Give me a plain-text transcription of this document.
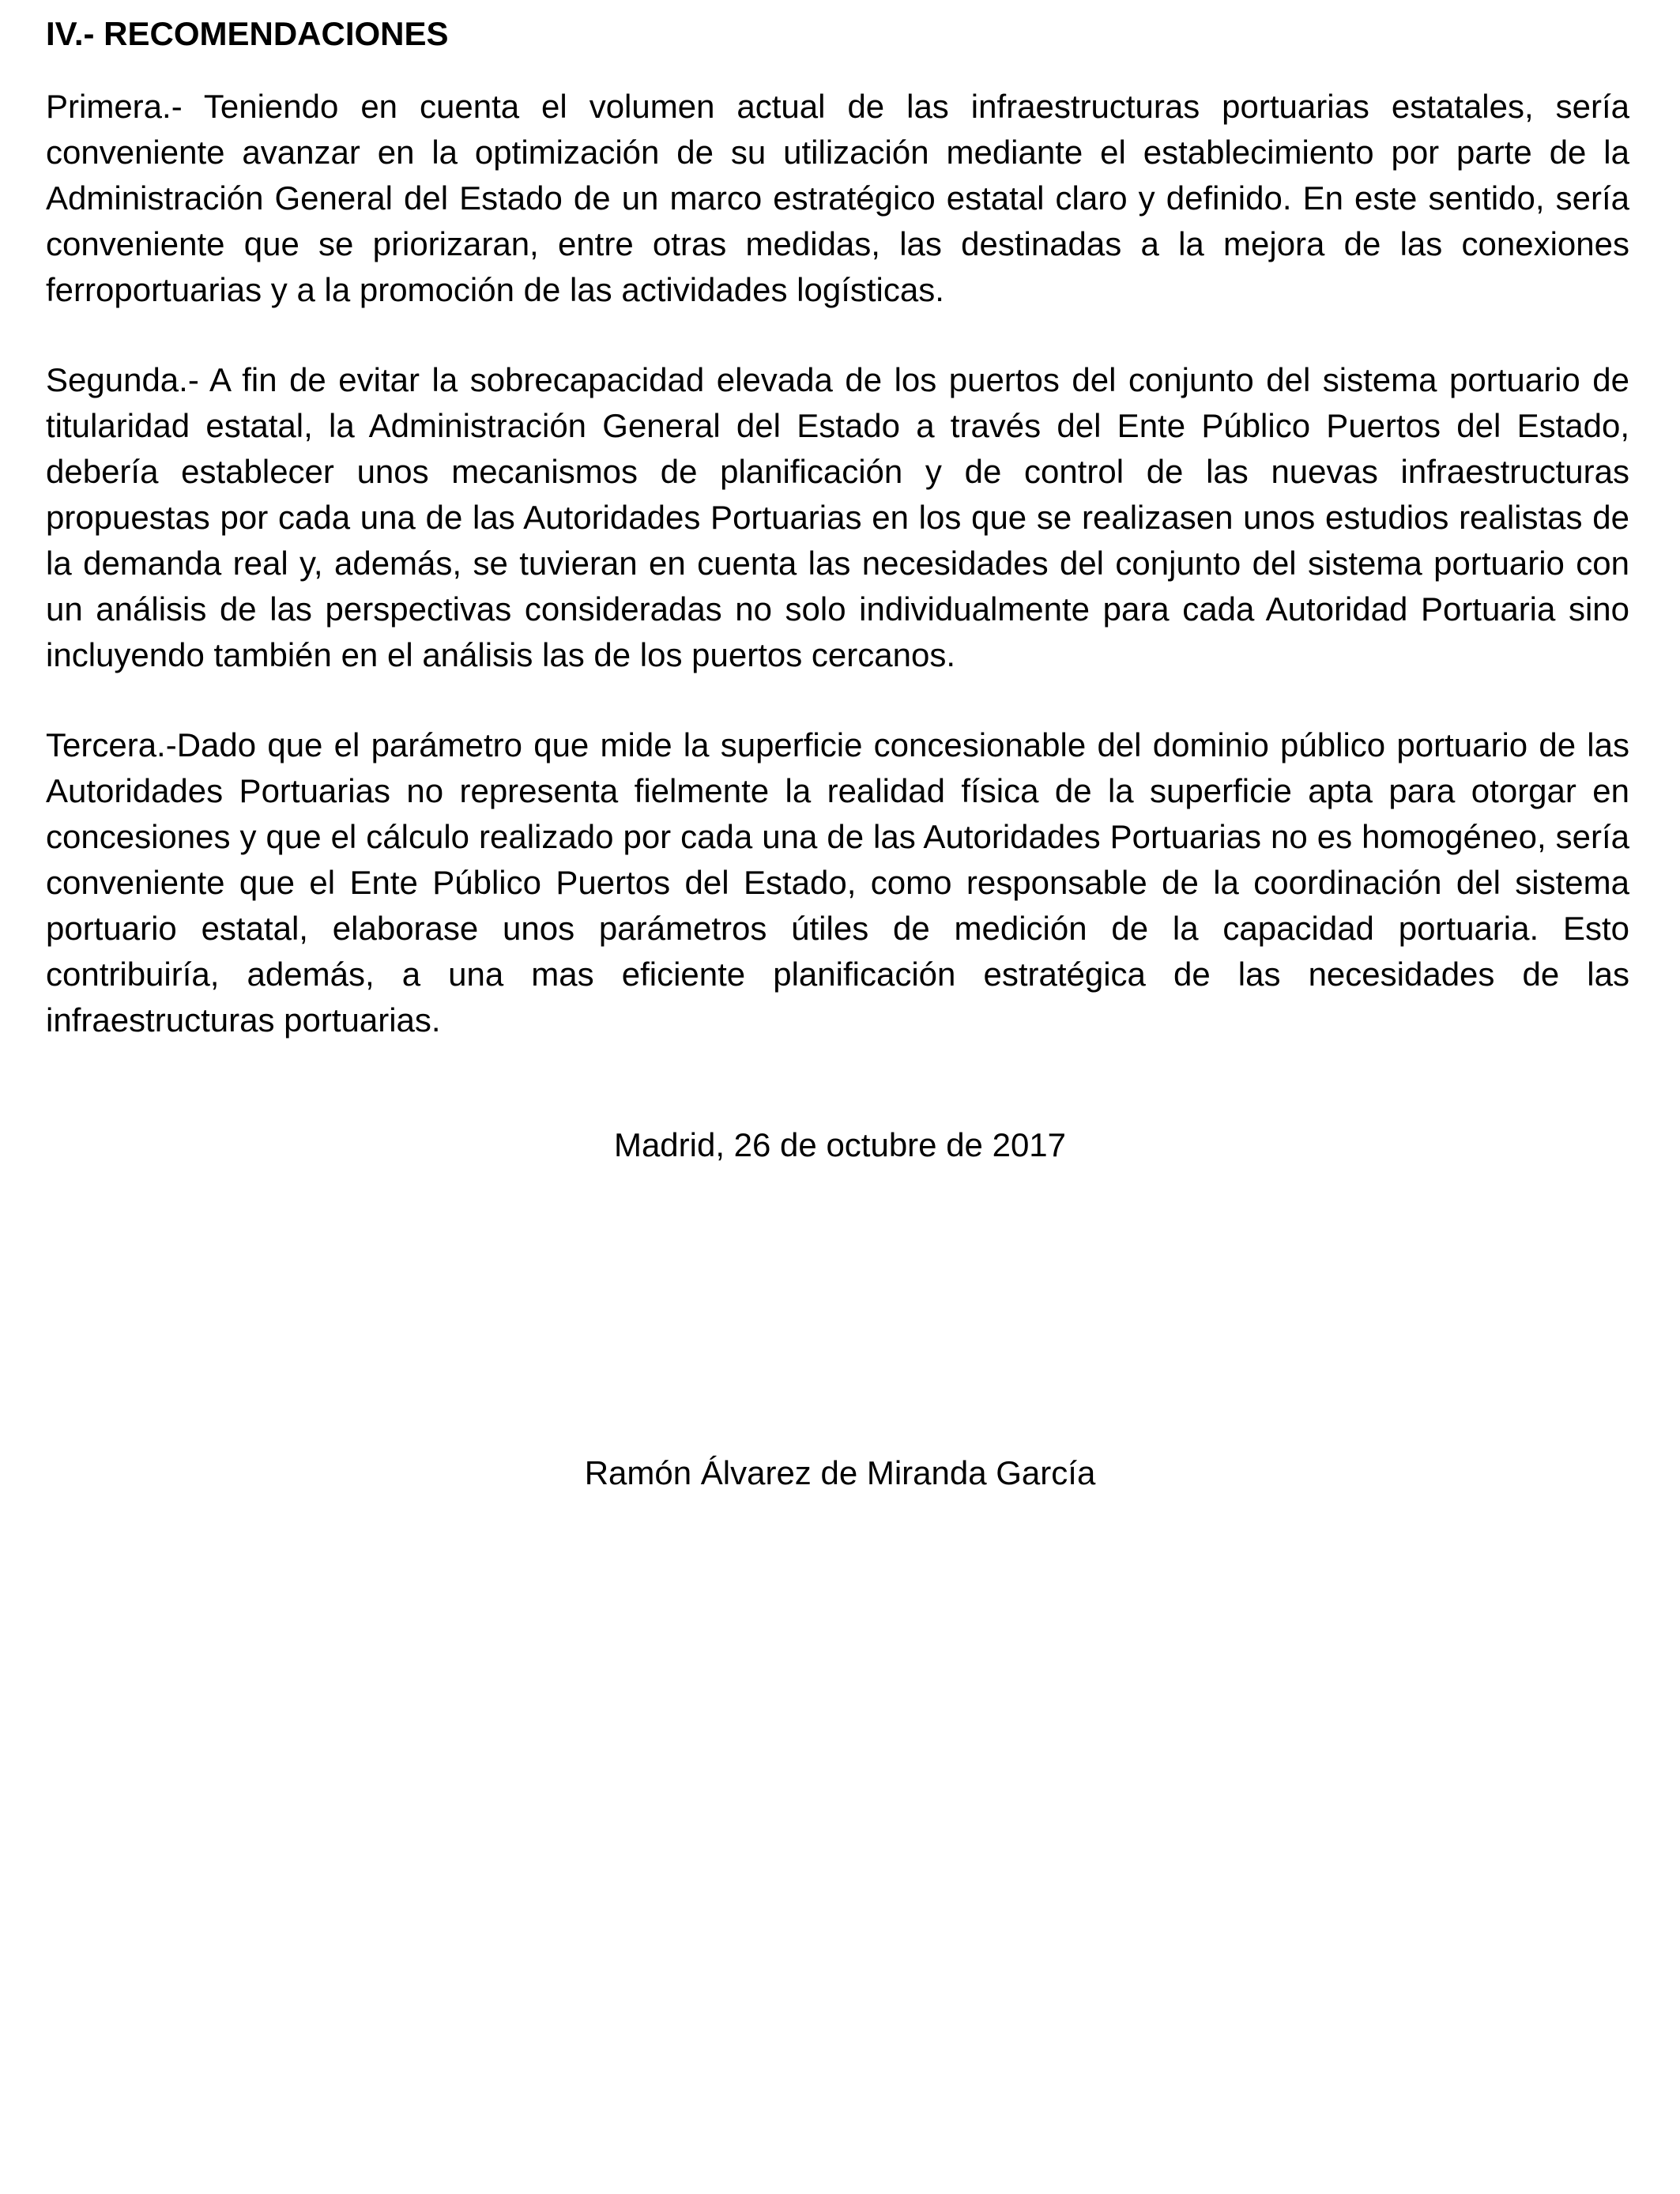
IV.- RECOMENDACIONES

Primera.- Teniendo en cuenta el volumen actual de las infraestructuras portuarias estatales, sería conveniente avanzar en la optimización de su utilización mediante el establecimiento por parte de la Administración General del Estado de un marco estratégico estatal claro y definido. En este sentido, sería conveniente que se priorizaran, entre otras medidas, las destinadas a la mejora de las conexiones ferroportuarias y a la promoción de las actividades logísticas.

Segunda.- A fin de evitar la sobrecapacidad elevada de los puertos del conjunto del sistema portuario de titularidad estatal, la Administración General del Estado a través del Ente Público Puertos del Estado, debería establecer unos mecanismos de planificación y de control de las nuevas infraestructuras propuestas por cada una de las Autoridades Portuarias en los que se realizasen unos estudios realistas de la demanda real y, además, se tuvieran en cuenta las necesidades del conjunto del sistema portuario con un análisis de las perspectivas consideradas no solo individualmente para cada Autoridad Portuaria sino incluyendo también en el análisis las de los puertos cercanos.

Tercera.-Dado que el parámetro que mide la superficie concesionable del dominio público portuario de las Autoridades Portuarias no representa fielmente la realidad física de la superficie apta para otorgar en concesiones y que el cálculo realizado por cada una de las Autoridades Portuarias no es homogéneo, sería conveniente que el Ente Público Puertos del Estado, como responsable de la coordinación del sistema portuario estatal, elaborase unos parámetros útiles de medición de la capacidad portuaria. Esto contribuiría, además, a una mas eficiente planificación estratégica de las necesidades de las infraestructuras portuarias.

Madrid, 26 de octubre de 2017
Ramón Álvarez de Miranda García
